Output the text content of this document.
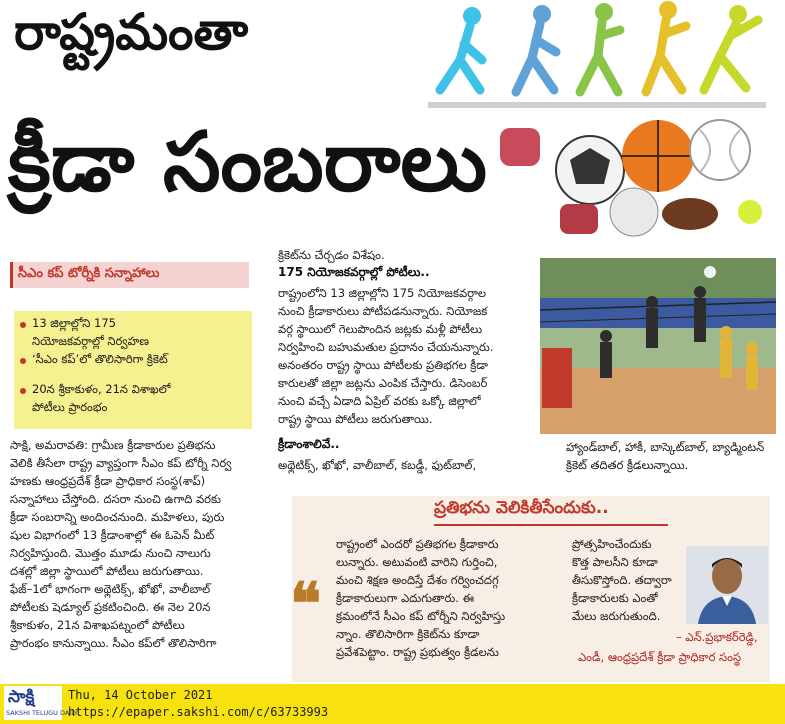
రాష్ట్రమంతా
క్రీడా సంబరాలు
సీఎం కప్ టోర్నీకి సన్నాహాలు
13 జిల్లాల్లోని 175
నియోజకవర్గాల్లో నిర్వహణ
‘సీఎం కప్’లో తొలిసారిగా క్రికెట్
20న శ్రీకాకుళం, 21న విశాఖలో
పోటీలు ప్రారంభం
సాక్షి, అమరావతి: గ్రామీణ క్రీడాకారుల ప్రతిభను
వెలికి తీసేలా రాష్ట్ర వ్యాప్తంగా సీఎం కప్ టోర్నీ నిర్వ
హణకు ఆంధ్రప్రదేశ్ క్రీడా ప్రాధికార సంస్థ(శాప్)
సన్నాహాలు చేస్తోంది. దసరా నుంచి ఉగాది వరకు
క్రీడా సంబరాన్ని అందించనుంది. మహిళలు, పురు
షుల విభాగంలో 13 క్రీడాంశాల్లో ఈ ఓపెన్ మీట్
నిర్వహిస్తుంది. మొత్తం మూడు నుంచి నాలుగు
దశల్లో జిల్లా స్థాయిలో పోటీలు జరుగుతాయి.
ఫేజ్–1లో భాగంగా అథ్లెటిక్స్, ఖోఖో, వాలీబాల్
పోటీలకు షెడ్యూల్ ప్రకటించింది. ఈ నెల 20న
శ్రీకాకుళం, 21న విశాఖపట్నంలో పోటీలు
ప్రారంభం కానున్నాయి. సీఎం కప్‌లో తొలిసారిగా
క్రికెట్‌ను చేర్చడం విశేషం.
175 నియోజకవర్గాల్లో పోటీలు..
రాష్ట్రంలోని 13 జిల్లాల్లోని 175 నియోజకవర్గాల
నుంచి క్రీడాకారులు పోటీపడనున్నారు. నియోజక
వర్గ స్థాయిలో గెలుపొందిన జట్లకు మళ్లీ పోటీలు
నిర్వహించి బహుమతుల ప్రదానం చేయనున్నారు.
అనంతరం రాష్ట్ర స్థాయి పోటీలకు ప్రతిభగల క్రీడా
కారులతో జిల్లా జట్లను ఎంపిక చేస్తారు. డిసెంబర్
నుంచి వచ్చే ఏడాది ఏప్రిల్ వరకు ఒక్కో జిల్లాలో
రాష్ట్ర స్థాయి పోటీలు జరుగుతాయి.
క్రీడాంశాలివే..
అథ్లెటిక్స్, ఖోఖో, వాలీబాల్, కబడ్డీ, ఫుట్‌బాల్,
హ్యాండ్‌బాల్, హాకీ, బాస్కెట్‌బాల్, బ్యాడ్మింటన్
క్రికెట్ తదితర క్రీడలున్నాయి.
ప్రతిభను వెలికితీసేందుకు..
❝
రాష్ట్రంలో ఎందరో ప్రతిభగల క్రీడాకారు
లున్నారు. అటువంటి వారిని గుర్తించి,
మంచి శిక్షణ అందిస్తే దేశం గర్వించదగ్గ
క్రీడాకారులుగా ఎదుగుతారు. ఈ
క్రమంలోనే సీఎం కప్ టోర్నీని నిర్వహిస్తు
న్నాం. తొలిసారిగా క్రికెట్‌ను కూడా
ప్రవేశపెట్టాం. రాష్ట్ర ప్రభుత్వం క్రీడలను
ప్రోత్సహించేందుకు
కొత్త పాలసీని కూడా
తీసుకొస్తోంది. తద్వారా
క్రీడాకారులకు ఎంతో
మేలు జరుగుతుంది.
– ఎన్.ప్రభాకర్‌రెడ్డి,
ఎండీ, ఆంధ్రప్రదేశ్ క్రీడా ప్రాధికార సంస్థ
సాక్షి
SAKSHI TELUGU DAILY
Thu, 14 October 2021
https://epaper.sakshi.com/c/63733993
